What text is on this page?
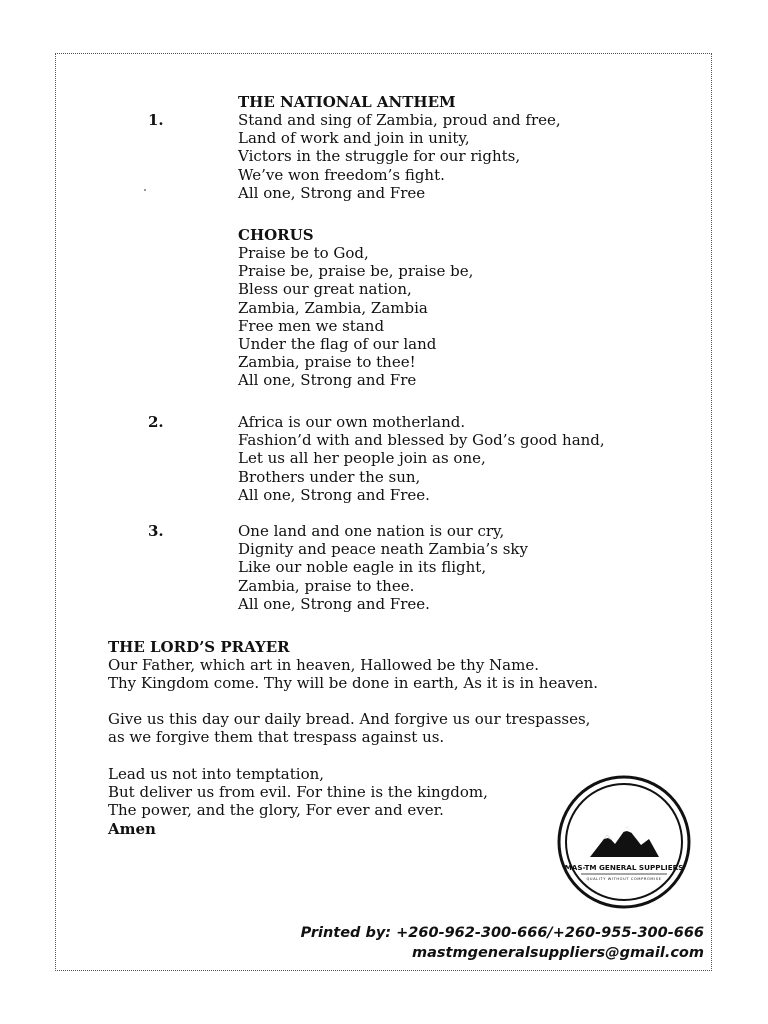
THE NATIONAL ANTHEM
1.	Stand and sing of Zambia, proud and free,
Land of work and join in unity,
Victors in the struggle for our rights,
We’ve won freedom’s fight.
All one, Strong and Free
CHORUS
Praise be to God,
Praise be, praise be, praise be,
Bless our great nation,
Zambia, Zambia, Zambia
Free men we stand
Under the flag of our land
Zambia, praise to thee!
All one, Strong and Fre
2.	Africa is our own motherland.
Fashion’d with and blessed by God’s good hand,
Let us all her people join as one,
Brothers under the sun,
All one, Strong and Free.
3.	One land and one nation is our cry,
Dignity and peace neath Zambia’s sky
Like our noble eagle in its flight,
Zambia, praise to thee.
All one, Strong and Free.
THE LORD’S PRAYER
Our Father, which art in heaven, Hallowed be thy Name.
Thy Kingdom come. Thy will be done in earth, As it is in heaven.
Give us this day our daily bread. And forgive us our trespasses,
as we forgive them that trespass against us.
Lead us not into temptation,
But deliver us from evil. For thine is the kingdom,
The power, and the glory, For ever and ever.
Amen
MAS-TM GENERAL SUPPLIERS
QUALITY WITHOUT COMPROMISE
Printed by: +260-962-300-666/+260-955-300-666
mastmgeneralsuppliers@gmail.com
